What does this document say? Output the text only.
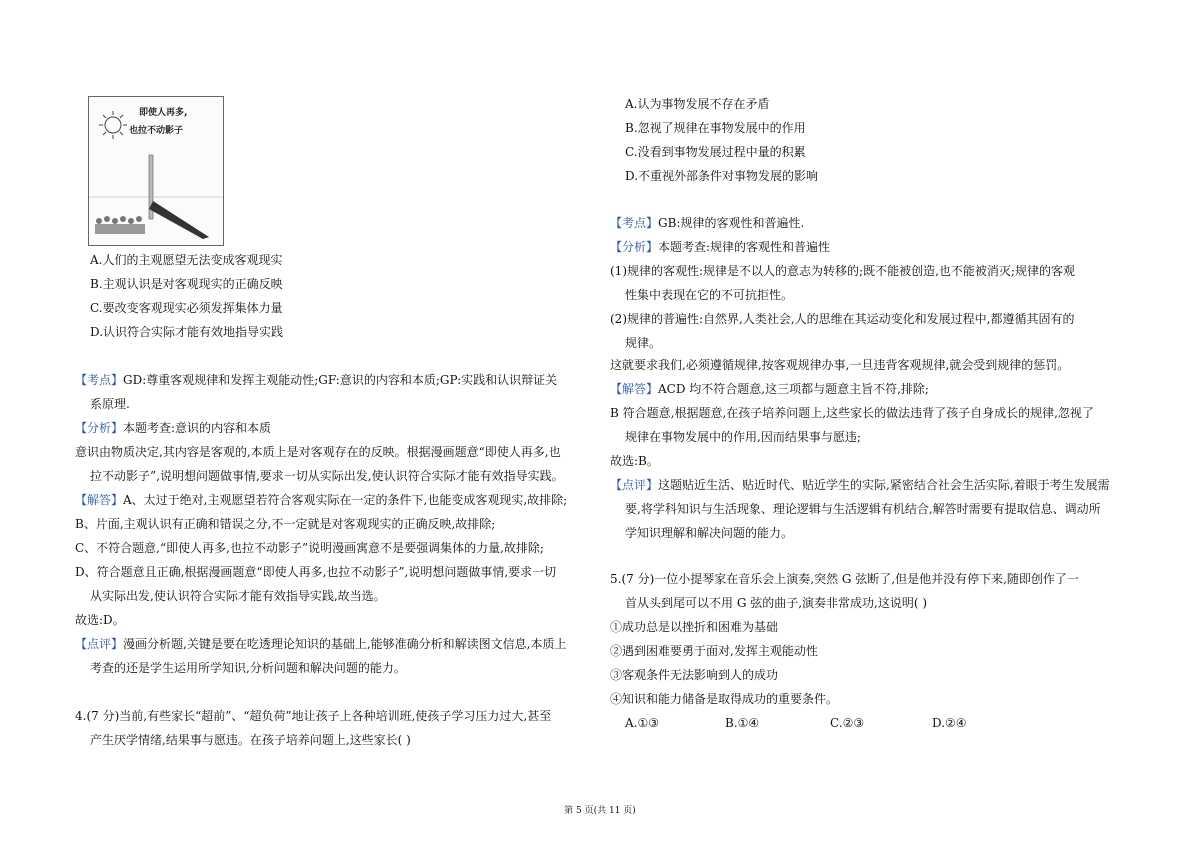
即使人再多,
也拉不动影子
A.人们的主观愿望无法变成客观现实
B.主观认识是对客观现实的正确反映
C.要改变客观现实必须发挥集体力量
D.认识符合实际才能有效地指导实践
【考点】GD:尊重客观规律和发挥主观能动性;GF:意识的内容和本质;GP:实践和认识辩证关
系原理.
【分析】本题考查:意识的内容和本质
意识由物质决定,其内容是客观的,本质上是对客观存在的反映。根据漫画题意“即使人再多,也
拉不动影子”,说明想问题做事情,要求一切从实际出发,使认识符合实际才能有效指导实践。
【解答】A、太过于绝对,主观愿望若符合客观实际在一定的条件下,也能变成客观现实,故排除;
B、片面,主观认识有正确和错误之分,不一定就是对客观现实的正确反映,故排除;
C、不符合题意,“即使人再多,也拉不动影子”说明漫画寓意不是要强调集体的力量,故排除;
D、符合题意且正确,根据漫画题意“即使人再多,也拉不动影子”,说明想问题做事情,要求一切
从实际出发,使认识符合实际才能有效指导实践,故当选。
故选:D。
【点评】漫画分析题,关键是要在吃透理论知识的基础上,能够准确分析和解读图文信息,本质上
考查的还是学生运用所学知识,分析问题和解决问题的能力。
4.(7 分)当前,有些家长“超前”、“超负荷”地让孩子上各种培训班,使孩子学习压力过大,甚至
产生厌学情绪,结果事与愿违。在孩子培养问题上,这些家长( )
A.认为事物发展不存在矛盾
B.忽视了规律在事物发展中的作用
C.没看到事物发展过程中量的积累
D.不重视外部条件对事物发展的影响
【考点】GB:规律的客观性和普遍性.
【分析】本题考查:规律的客观性和普遍性
(1)规律的客观性:规律是不以人的意志为转移的;既不能被创造,也不能被消灭;规律的客观
性集中表现在它的不可抗拒性。
(2)规律的普遍性:自然界,人类社会,人的思维在其运动变化和发展过程中,都遵循其固有的
规律。
这就要求我们,必须遵循规律,按客观规律办事,一旦违背客观规律,就会受到规律的惩罚。
【解答】ACD 均不符合题意,这三项都与题意主旨不符,排除;
B 符合题意,根据题意,在孩子培养问题上,这些家长的做法违背了孩子自身成长的规律,忽视了
规律在事物发展中的作用,因而结果事与愿违;
故选:B。
【点评】这题贴近生活、贴近时代、贴近学生的实际,紧密结合社会生活实际,着眼于考生发展需
要,将学科知识与生活现象、理论逻辑与生活逻辑有机结合,解答时需要有提取信息、调动所
学知识理解和解决问题的能力。
5.(7 分)一位小提琴家在音乐会上演奏,突然 G 弦断了,但是他并没有停下来,随即创作了一
首从头到尾可以不用 G 弦的曲子,演奏非常成功,这说明( )
①成功总是以挫折和困难为基础
②遇到困难要勇于面对,发挥主观能动性
③客观条件无法影响到人的成功
④知识和能力储备是取得成功的重要条件。
A.①③	B.①④	C.②③	D.②④
第 5 页(共 11 页)
